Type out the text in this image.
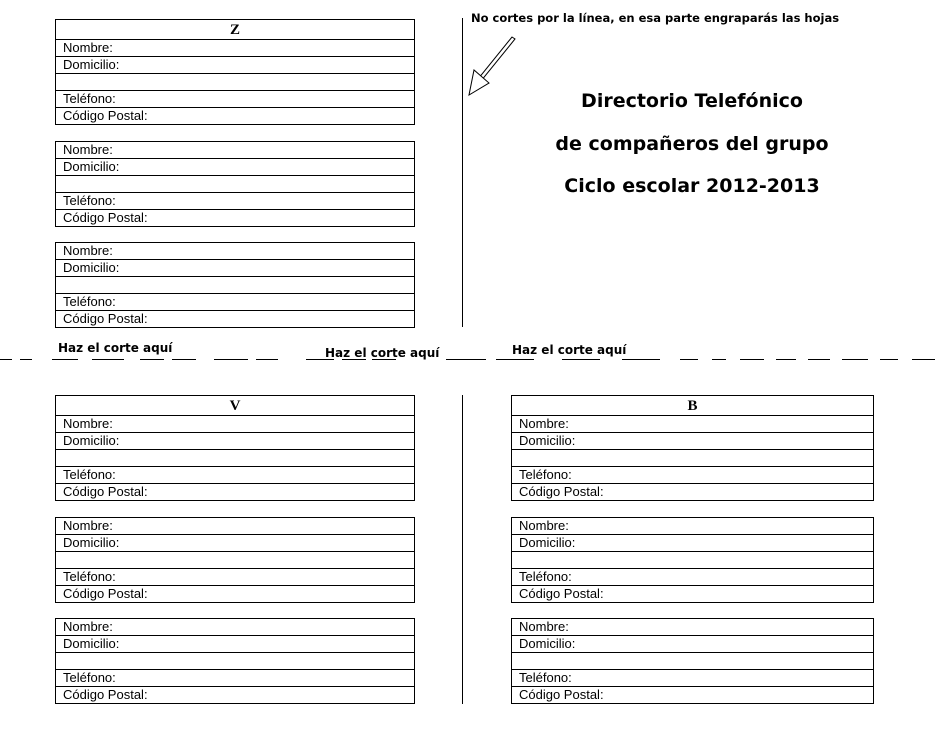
Z
Nombre:
Domicilio:
Teléfono:
Código Postal:
Nombre:
Domicilio:
Teléfono:
Código Postal:
Nombre:
Domicilio:
Teléfono:
Código Postal:
No cortes por la línea, en esa parte engraparás las hojas
Directorio Telefónico
de compañeros del grupo
Ciclo escolar 2012-2013
Haz el corte aquí	Haz el corte aquí	Haz el corte aquí
V
Nombre:
Domicilio:
Teléfono:
Código Postal:
Nombre:
Domicilio:
Teléfono:
Código Postal:
Nombre:
Domicilio:
Teléfono:
Código Postal:
B
Nombre:
Domicilio:
Teléfono:
Código Postal:
Nombre:
Domicilio:
Teléfono:
Código Postal:
Nombre:
Domicilio:
Teléfono:
Código Postal:
